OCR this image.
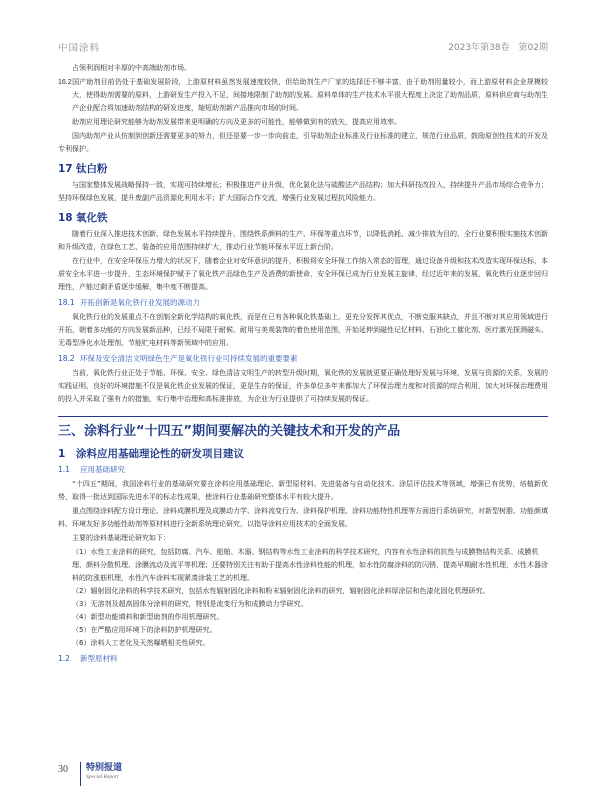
中国涂料	2023年第38卷　第02期

占领利润相对丰厚的中高端助剂市场。

16.2国产助剂目前仍处于基础发展阶段，上游原材料虽然发展速度较快，但给助剂生产厂家的选择还不够丰富，由于助剂用量较小，而上游原材料企业规模较大，使得助剂需要的原料，上游研发生产投入不足，间接地限制了助剂的发展。原料单体的生产技术水平很大程度上决定了助剂品质，原料供应商与助剂生产企业配合将加速助剂结构的研发进度，缩短助剂新产品推向市场的时间。

助剂应用理论研究能够为助剂发展带来更明确的方向及更多的可能性，能够做到有的放矢，提高应用效率。

国内助剂产业从仿制到创新还需要更多的努力，但还是要一步一步向前走，引导助剂企业标准及行业标准的建立，规范行业品质，鼓励原创性技术的开发及专利保护。

17 钛白粉

与国家整体发展战略保持一致，实现可持续增长；积极推进产业升级，优化氯化法与硫酸法产品结构；加大科研技改投入，持续提升产品市场综合竞争力；坚持环保绿色发展，提升废副产品资源化利用水平；扩大国际合作交流，增强行业发展过程抗风险能力。

18 氧化铁

随着行业深入推进技术创新、绿色发展水平持续提升，围绕铁系颜料的生产、环保等重点环节，以降低消耗、减少排放为目的，全行业要积极实施技术创新和升级改造，在绿色工艺、装备的应用范围持续扩大，推动行业节能环保水平迈上新台阶。

在行业中，在安全环保压力增大的状况下，随着企业对安环意识的提升，积极将安全环保工作纳入常态的管理，通过设备升级和技术改造实现环保达标，本质安全水平进一步提升，生态环境保护赋予了氧化铁产品绿色生产及消费的新使命，安全环保已成为行业发展主旋律，经过近年来的发展，氧化铁行业逐步回归理性，产能过剩矛盾逐步缓解，集中度不断提高。

18.1 开拓创新是氧化铁行业发展的源动力

氧化铁行业的发展重点不在创制全新化学结构的氧化铁，而是在已有各种氧化铁基础上，更充分发挥其优点，不断克服其缺点，并且不断对其应用领域进行开拓，朝着多功能的方向发展新品种，已经不局限于耐候、耐用与美观装饰的着色使用范围，开始延伸到磁性记忆材料、石油化工催化剂、医疗激光探测磁头、无毒型净化水处理剂、节能贮电材料等新领域中的应用。

18.2 环保及安全清洁文明绿色生产是氧化铁行业可持续发展的重要要素

当前，氧化铁行业正处于节能、环保、安全、绿色清洁文明生产的转型升级时期，氧化铁的发展就更要正确处理好发展与环境、发展与资源的关系，发展的实践证明，良好的环境措施不仅是氧化铁企业发展的保证，更是生存的保证，许多单位多年来都加大了环保治理力度和对资源的综合利用，加大对环保治理费用的投入并采取了强有力的措施，实行集中治理和高标准排放，为企业为行业提供了可持续发展的保证。

三、涂料行业“十四五”期间要解决的关键技术和开发的产品
1 涂料应用基础理论性的研发项目建议
1.1 应用基础研究

“十四五”期间，我国涂料行业的基础研究要在涂料应用基础理论、新型原材料、先进装备与自动化技术、涂层评估技术等领域，增强已有优势，培植新优势，取得一批达到国际先进水平的标志性成果，使涂料行业基础研究整体水平有较大提升。

重点围绕涂料配方设计理论、涂料成膜机理及成膜动力学、涂料流变行为、涂料保护机理、涂料功能特性机理等方面进行系统研究，对新型树脂、功能颜填料、环境友好多功能性助剂等原材料进行全新系统理论研究，以指导涂料应用技术的全面发展。

主要的涂料基础理论研究如下：

（1）水性工业涂料的研究，包括防腐、汽车、船舶、木器、钢结构等水性工业涂料的科学技术研究，内容有水性涂料的抗性与成膜物结构关系、成膜机理、颜料分散机理、涂膜流动及流平等机理；还要特别关注有助于提高水性涂料性能的机理，如水性防腐涂料的防闪锈，提高早期耐水性机理，水性木器涂料的防涨筋机理，水性汽车涂料实现紧凑涂装工艺的机理。

（2）辐射固化涂料的科学技术研究，包括水性辐射固化涂料和粉末辐射固化涂料的研究，辐射固化涂料厚涂层和色漆化固化机理研究。

（3）无溶剂及超高固体分涂料的研究，特别是流变行为和成膜动力学研究。

（4）新型功能填料和新型助剂的作用机理研究。

（5）在严酷应用环境下的涂料防护机理研究。

（6）涂料人工老化及天然曝晒相关性研究。

1.2 新型原材料
30 特别报道
Special Report
